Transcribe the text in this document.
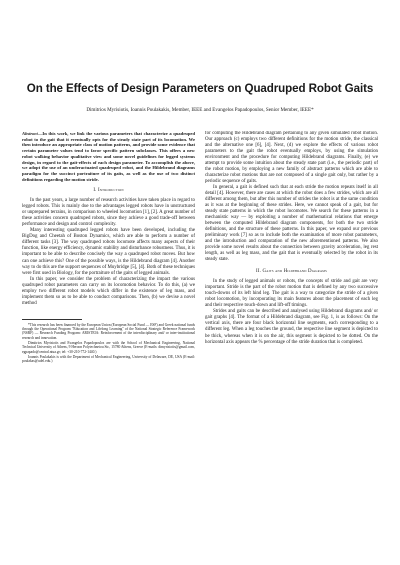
On the Effects of Design Parameters on Quadruped Robot Gaits
Dimitrios Myrisiotis, Ioannis Poulakakis, Member, IEEE and Evangelos Papadopoulos, Senior Member, IEEE*

Abstract—In this work, we link the various parameters that characterize a quadruped robot to the gait that it eventually opts for the steady state part of its locomotion. We then introduce an appropriate class of motion patterns, and provide some evidence that certain parameter values tend to favor specific pattern subclasses. This offers a new robot walking behavior qualitative view and some novel guidelines for legged systems design, in regard to the gait-effects of each design parameter. To accomplish the above, we adopt the use of an underactuated quadruped robot, and the Hildebrand diagrams paradigm for the succinct portraiture of its gaits, as well as the use of two distinct definitions regarding the motion stride.

I. Introduction

In the past years, a large number of research activities have taken place in regard to legged robots. This is mainly due to the advantages legged robots have in unstructured or unprepared terrains, in comparison to wheeled locomotion [1], [2]. A great number of these activities concern quadruped robots, since they achieve a good trade-off between performance and design and control complexity.

Many interesting quadruped legged robots have been developed, including the BigDog and Cheetah of Boston Dynamics, which are able to perform a number of different tasks [3]. The way quadruped robots locomote affects many aspects of their function, like energy efficiency, dynamic stability and disturbance robustness. Thus, it is important to be able to describe concisely the way a quadruped robot moves. But how can one achieve this? One of the possible ways, is the Hildebrand diagram [4]. Another way to do this are the support sequences of Muybridge [5], [4]. Both of these techniques were first used in Biology, for the portraiture of the gaits of legged animals.

In this paper, we consider the problem of characterizing the impact the various quadruped robot parameters can carry on its locomotion behavior. To do this, (a) we employ two different robot models which differ in the existence of leg mass, and implement them so as to be able to conduct comparisons. Then, (b) we devise a novel method

*This research has been financed by the European Union (European Social Fund — ESF) and Greek national funds through the Operational Program "Education and Lifelong Learning" of the National Strategic Reference Framework (NSRF) — Research Funding Program: ARISTEIA: Reinforcement of the interdisciplinary and/ or inter-institutional research and innovation.

Dimitrios Myrisiotis and Evangelos Papadopoulos are with the School of Mechanical Engineering, National Technical University of Athens, 9 Heroon Polytechneiou Str., 15780 Athens, Greece (E-mails: dimyrisiotis@gmail.com, egpapado@central.ntua.gr; tel: +30-210-772-1440.)

Ioannis Poulakakis is with the Department of Mechanical Engineering, University of Delaware, DE, USA (E-mail: poulakas@udel.edu.)

for computing the Hildebrand diagram pertaining to any given simulated robot motion. Our approach (c) employs two different definitions for the motion stride, the classical and the alternative one [6], [4]. Next, (d) we explore the effects of various robot parameters to the gait the robot eventually employs, by using the simulation environment and the procedure for computing Hildebrand diagrams. Finally, (e) we attempt to provide some intuition about the steady state part (i.e., the periodic part) of the robot motion, by employing a new family of abstract patterns which are able to characterize robot motions that are not composed of a single gait only, but rather by a periodic sequence of gaits.

In general, a gait is defined such that at each stride the motion repeats itself in all detail [4]. However, there are cases at which the robot does a few strides, which are all different among them, but after this number of strides the robot is at the same condition as it was at the beginning of these strides. Here, we cannot speak of a gait, but for steady state patterns in which the robot locomotes. We search for these patterns in a mechanistic way — by exploiting a number of mathematical relations that emerge between the computed Hildebrand diagram components, for both the two stride definitions, and the structure of these patterns. In this paper, we expand our previous preliminary work [7] so as to include both the examination of more robot parameters, and the introduction and computation of the new aforementioned patterns. We also provide some novel results about the connection between gravity acceleration, leg rest length, as well as leg mass, and the gait that is eventually selected by the robot in its steady state.

II. Gaits and Hildebrand Diagrams

In the study of legged animals or robots, the concepts of stride and gait are very important. Stride is the part of the robot motion that is defined by any two successive touch-downs of its left hind leg. The gait is a way to categorize the stride of a given robot locomotion, by incorporating its main features about the placement of each leg and their respective touch-down and lift-off timings.

Strides and gaits can be described and analysed using Hildebrand diagrams and/ or gait graphs [4]. The format of a Hildebrand diagram, see Fig. 1, is as follows: On the vertical axis, there are four black horizontal line segments, each corresponding to a different leg. When a leg touches the ground, the respective line segment is depicted to be thick, whereas when it is on the air, this segment is depicted to be dotted. On the horizontal axis appears the % percentage of the stride duration that is completed.
